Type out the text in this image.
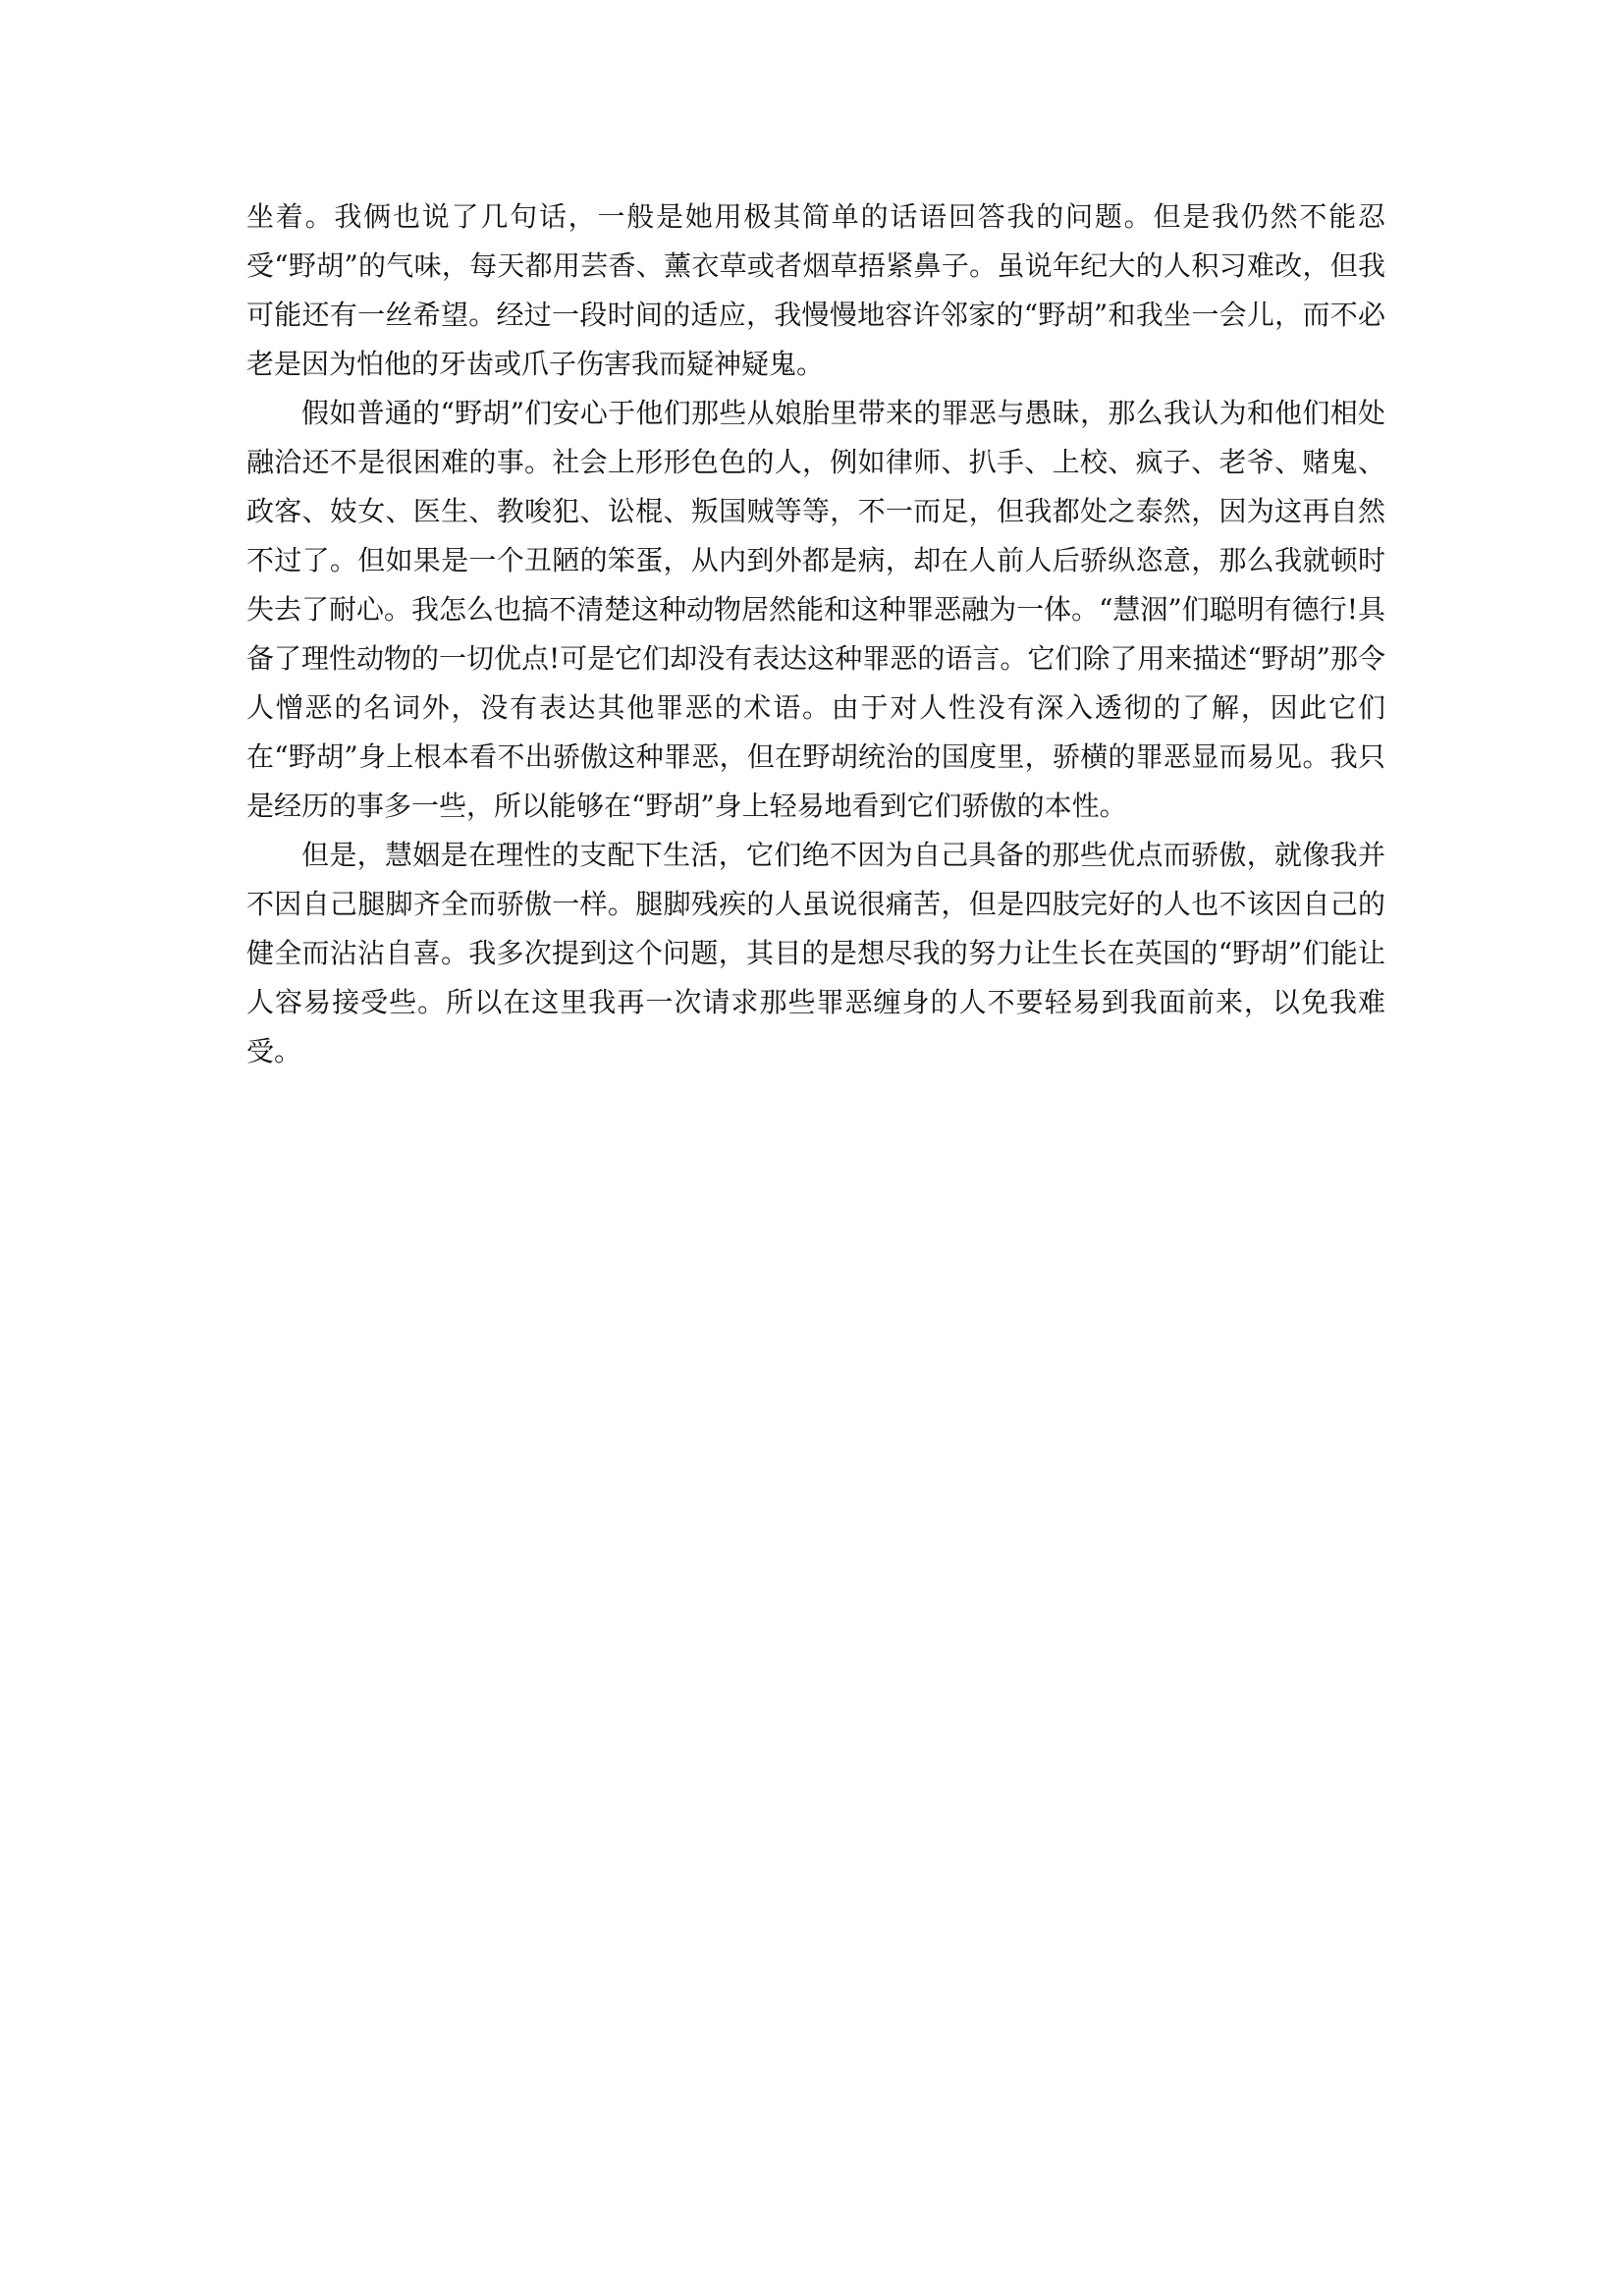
坐着。我俩也说了几句话，一般是她用极其简单的话语回答我的问题。但是我仍然不能忍受“野胡”的气味，每天都用芸香、薰衣草或者烟草捂紧鼻子。虽说年纪大的人积习难改，但我可能还有一丝希望。经过一段时间的适应，我慢慢地容许邻家的“野胡”和我坐一会儿，而不必老是因为怕他的牙齿或爪子伤害我而疑神疑鬼。

假如普通的“野胡”们安心于他们那些从娘胎里带来的罪恶与愚昧，那么我认为和他们相处融洽还不是很困难的事。社会上形形色色的人，例如律师、扒手、上校、疯子、老爷、赌鬼、政客、妓女、医生、教唆犯、讼棍、叛国贼等等，不一而足，但我都处之泰然，因为这再自然不过了。但如果是一个丑陋的笨蛋，从内到外都是病，却在人前人后骄纵恣意，那么我就顿时失去了耐心。我怎么也搞不清楚这种动物居然能和这种罪恶融为一体。“慧洇”们聪明有德行!具备了理性动物的一切优点!可是它们却没有表达这种罪恶的语言。它们除了用来描述“野胡”那令人憎恶的名词外，没有表达其他罪恶的术语。由于对人性没有深入透彻的了解，因此它们在“野胡”身上根本看不出骄傲这种罪恶，但在野胡统治的国度里，骄横的罪恶显而易见。我只是经历的事多一些，所以能够在“野胡”身上轻易地看到它们骄傲的本性。

但是，慧姻是在理性的支配下生活，它们绝不因为自己具备的那些优点而骄傲，就像我并不因自己腿脚齐全而骄傲一样。腿脚残疾的人虽说很痛苦，但是四肢完好的人也不该因自己的健全而沾沾自喜。我多次提到这个问题，其目的是想尽我的努力让生长在英国的“野胡”们能让人容易接受些。所以在这里我再一次请求那些罪恶缠身的人不要轻易到我面前来，以免我难受。
